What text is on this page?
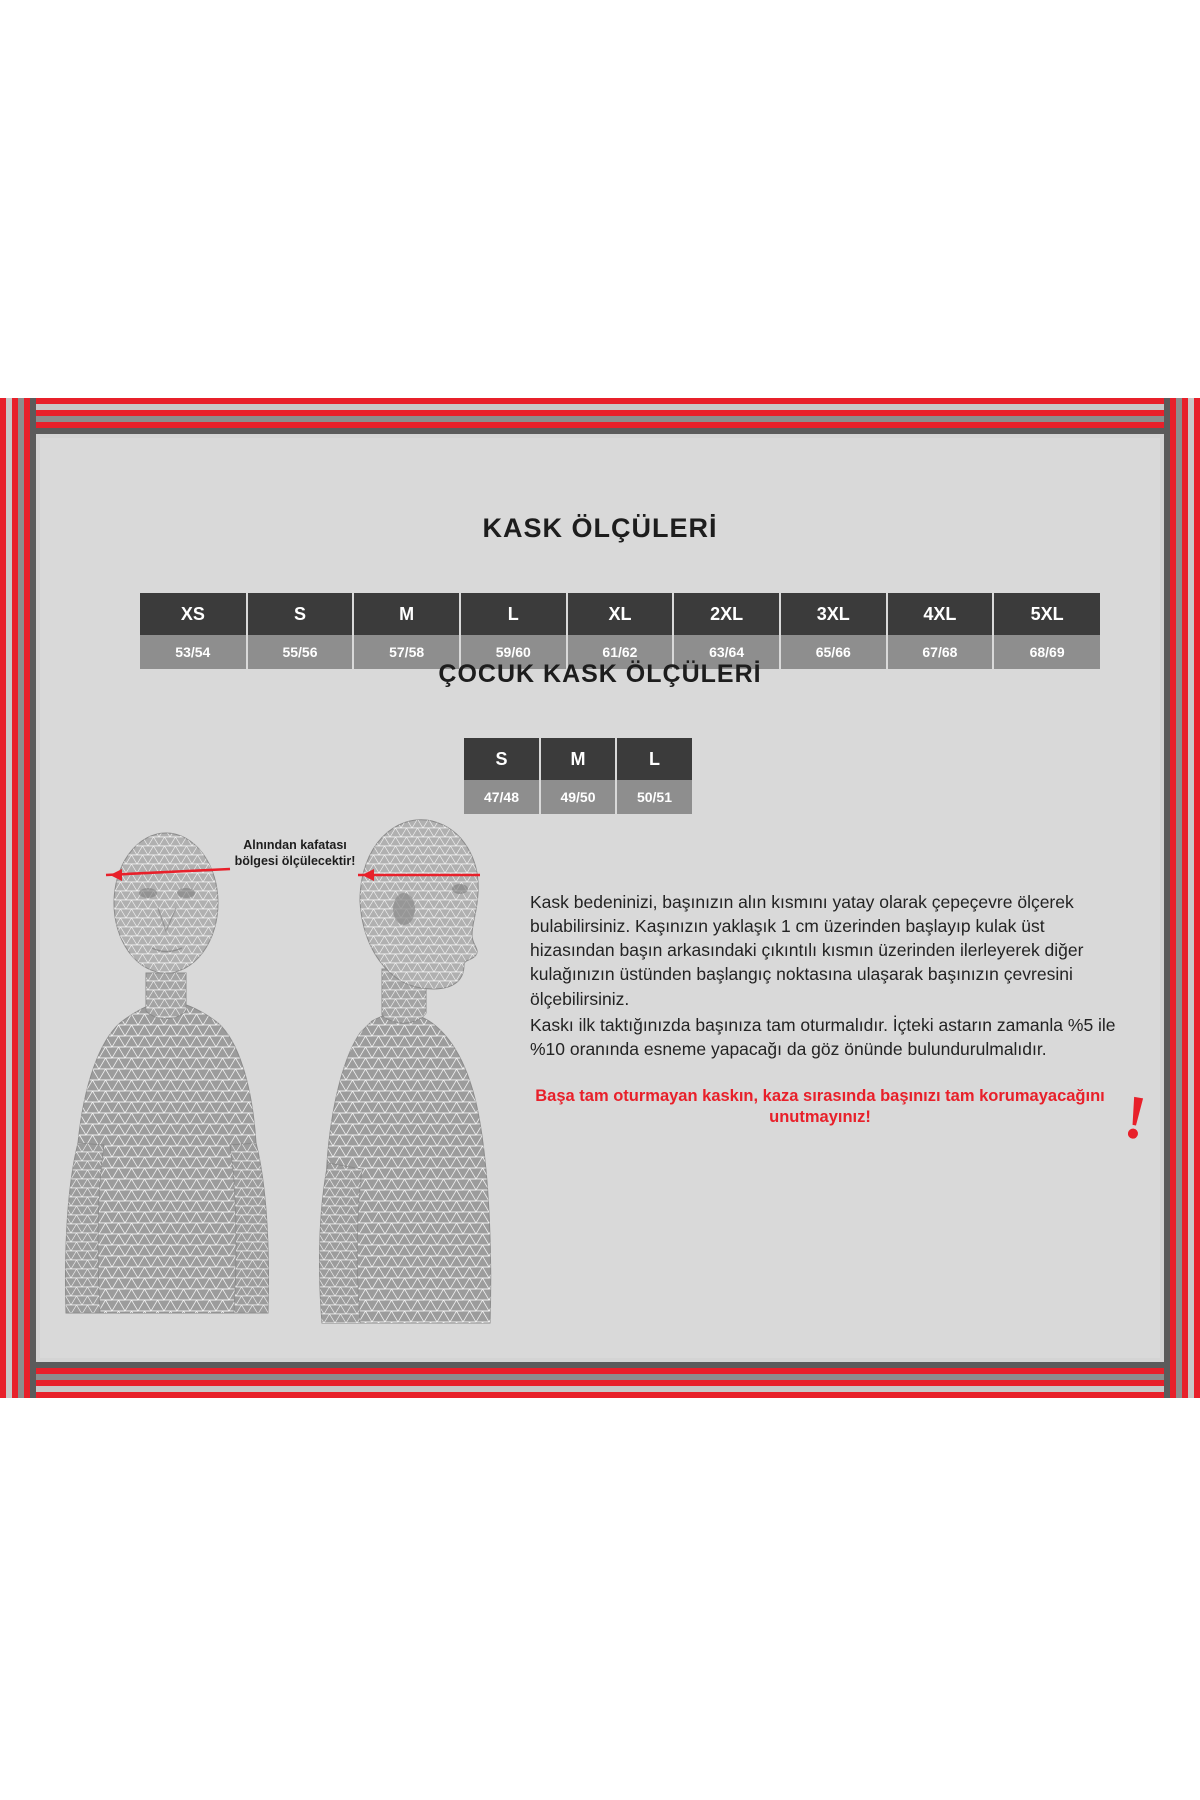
KASK ÖLÇÜLERİ
XS	S	M	L	XL	2XL	3XL	4XL	5XL
53/54	55/56	57/58	59/60	61/62	63/64	65/66	67/68	68/69
ÇOCUK KASK ÖLÇÜLERİ
S	M	L
47/48	49/50	50/51
Alnından kafatası bölgesi ölçülecektir!

Kask bedeninizi, başınızın alın kısmını yatay olarak çepeçevre ölçerek bulabilirsiniz. Kaşınızın yaklaşık 1 cm üzerinden başlayıp kulak üst hizasından başın arkasındaki çıkıntılı kısmın üzerinden ilerleyerek diğer kulağınızın üstünden başlangıç noktasına ulaşarak başınızın çevresini ölçebilirsiniz.

Kaskı ilk taktığınızda başınıza tam oturmalıdır. İçteki astarın zamanla %5 ile %10 oranında esneme yapacağı da göz önünde bulundurulmalıdır.

Başa tam oturmayan kaskın, kaza sırasında başınızı tam korumayacağını unutmayınız!	!
